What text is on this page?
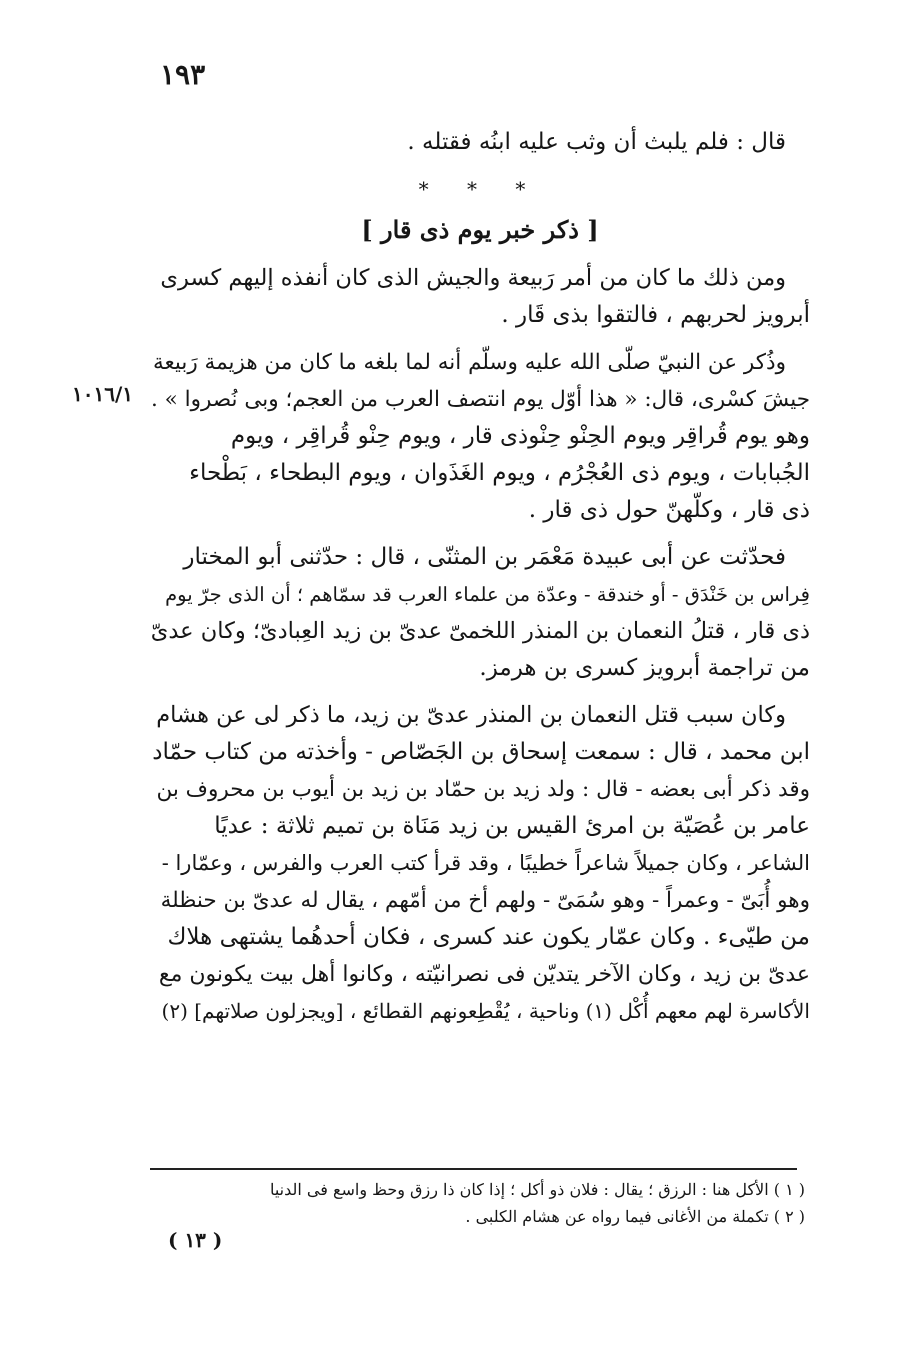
١٩٣
١٠١٦/١
قال : فلم يلبث أن وثب عليه ابنُه فقتله .
* * *
[ ذكر خبر يوم ذى قار ]
ومن ذلك ما كان من أمر رَبيعة والجيش الذى كان أنفذه إليهم كسرى
أبرويز لحربهم ، فالتقوا بذى قَار .
وذُكر عن النبيّ صلّى الله عليه وسلّم أنه لما بلغه ما كان من هزيمة رَبيعة
جيشَ كسْرى، قال: « هذا أوّل يوم انتصف العرب من العجم؛ وبى نُصروا » .
وهو يوم قُراقِر ويوم الحِنْو حِنْوذى قار ، ويوم حِنْو قُراقِر ، ويوم
الجُبابات ، ويوم ذى العُجْرُم ، ويوم الغَذَوان ، ويوم البطحاء ، بَطْحاء
ذى قار ، وكلّهنّ حول ذى قار .
فحدّثت عن أبى عبيدة مَعْمَر بن المثنّى ، قال : حدّثنى أبو المختار
فِراس بن خَنْدَق - أو خندقة - وعدّة من علماء العرب قد سمّاهم ؛ أن الذى جرّ يوم
ذى قار ، قتلُ النعمان بن المنذر اللخمىّ عدىّ بن زيد العِبادىّ؛ وكان عدىّ
من تراجمة أبرويز كسرى بن هرمز.
وكان سبب قتل النعمان بن المنذر عدىّ بن زيد، ما ذكر لى عن هشام
ابن محمد ، قال : سمعت إسحاق بن الجَصّاص - وأخذته من كتاب حمّاد
وقد ذكر أبى بعضه - قال : ولد زيد بن حمّاد بن زيد بن أيوب بن محروف بن
عامر بن عُصَيّة بن امرئ القيس بن زيد مَنَاة بن تميم ثلاثة : عديًا
الشاعر ، وكان جميلاً شاعراً خطيبًا ، وقد قرأ كتب العرب والفرس ، وعمّارا -
وهو أُبَىّ - وعمراً - وهو سُمَىّ - ولهم أخ من أمّهم ، يقال له عدىّ بن حنظلة
من طيّىء . وكان عمّار يكون عند كسرى ، فكان أحدهُما يشتهى هلاك
عدىّ بن زيد ، وكان الآخر يتديّن فى نصرانيّته ، وكانوا أهل بيت يكونون مع
الأكاسرة لهم معهم أُكْل (١) وناحية ، يُقْطِعونهم القطائع ، [ويجزلون صلاتهم] (٢)
( ١ ) الأكل هنا : الرزق ؛ يقال : فلان ذو أكل ؛ إذا كان ذا رزق وحظ واسع فى الدنيا
( ٢ ) تكملة من الأغانى فيما رواه عن هشام الكلبى .
( ١٣ )
